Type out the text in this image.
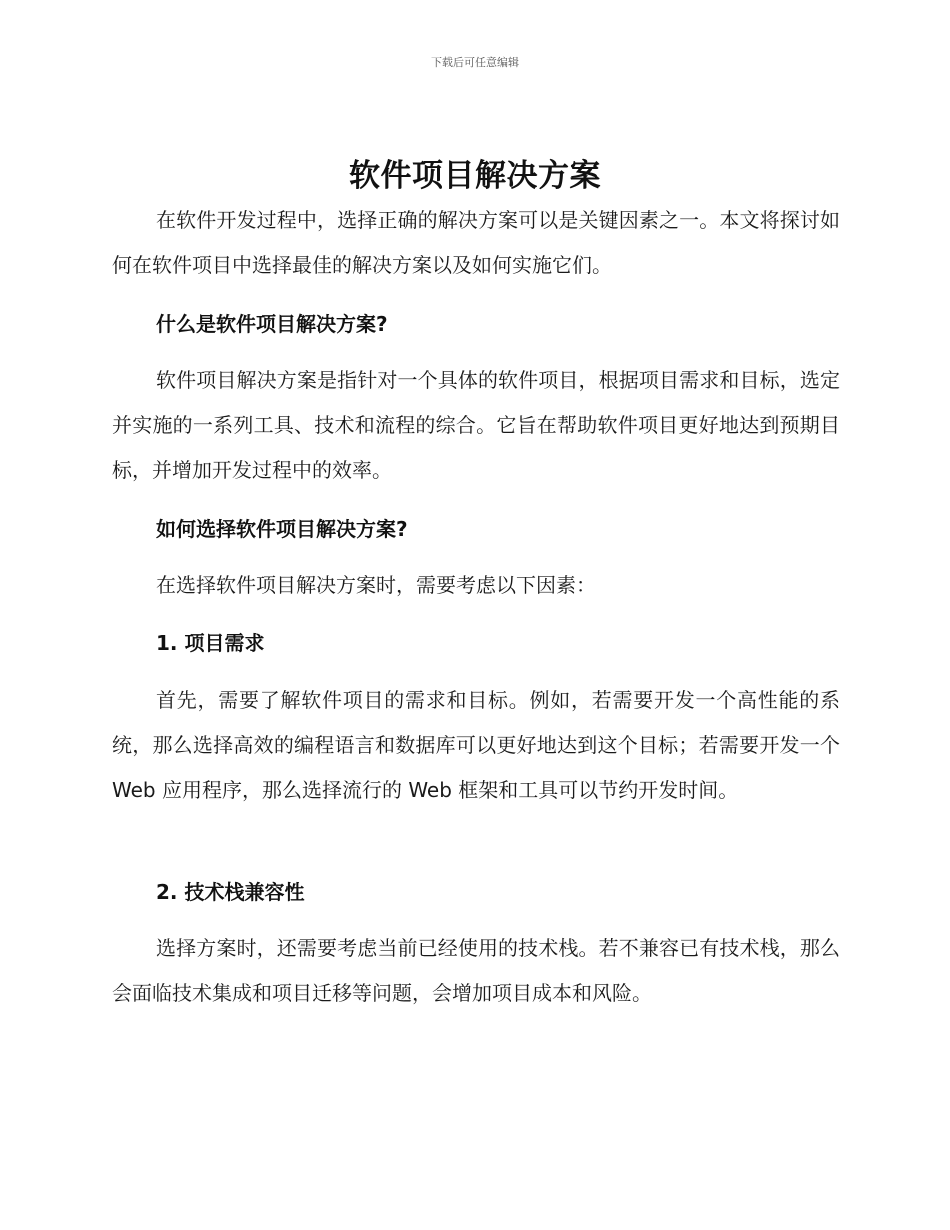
下载后可任意编辑
软件项目解决方案

在软件开发过程中，选择正确的解决方案可以是关键因素之一。本文将探讨如何在软件项目中选择最佳的解决方案以及如何实施它们。

什么是软件项目解决方案?

软件项目解决方案是指针对一个具体的软件项目，根据项目需求和目标，选定并实施的一系列工具、技术和流程的综合。它旨在帮助软件项目更好地达到预期目标，并增加开发过程中的效率。

如何选择软件项目解决方案?

在选择软件项目解决方案时，需要考虑以下因素：

1. 项目需求

首先，需要了解软件项目的需求和目标。例如，若需要开发一个高性能的系统，那么选择高效的编程语言和数据库可以更好地达到这个目标；若需要开发一个 Web 应用程序，那么选择流行的 Web 框架和工具可以节约开发时间。

2. 技术栈兼容性

选择方案时，还需要考虑当前已经使用的技术栈。若不兼容已有技术栈，那么会面临技术集成和项目迁移等问题，会增加项目成本和风险。
